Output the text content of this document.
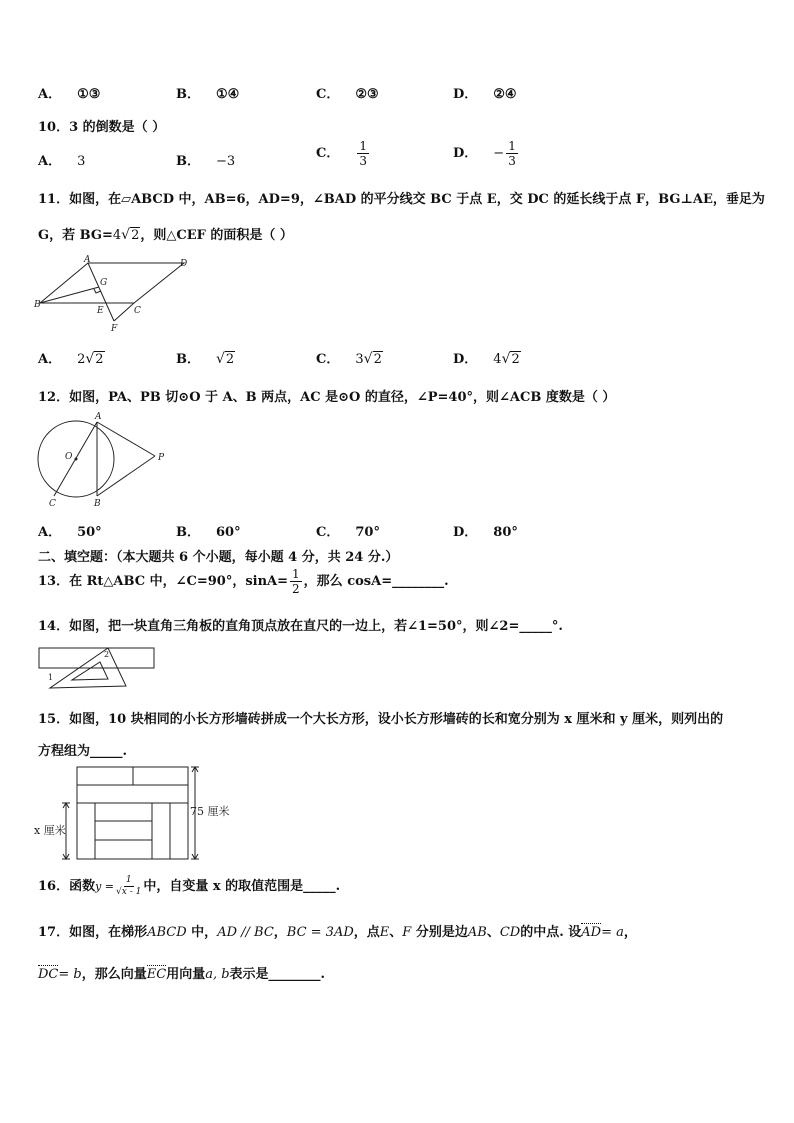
A． ①③	B． ①④	C． ②③	D． ②④
10．3 的倒数是（ ）
A． 3	B． −3
C． $\frac{1}{3}$	D． − $\frac{1}{3}$
11．如图，在▱ABCD 中，AB=6，AD=9，∠BAD 的平分线交 BC 于点 E，交 DC 的延长线于点 F，BG⊥AE，垂足为
G，若 BG=4√2，则△CEF 的面积是（ ）
A	D
B
C
E
F
G
A． 2√2	B． √2	C． 3√2	D． 4√2
12．如图，PA、PB 切⊙O 于 A、B 两点，AC 是⊙O 的直径，∠P=40°，则∠ACB 度数是（ ）
A
O	P
C	B
A． 50°	B． 60°	C． 70°	D． 80°
二、填空题：（本大题共 6 个小题，每小题 4 分，共 24 分.）
13．在 Rt△ABC 中，∠C=90°，$\sin A= \frac{1}{2}$ ，那么 cosA=________.
14．如图，把一块直角三角板的直角顶点放在直尺的一边上，若∠1=50°，则∠2=_____°.
1
2
15．如图，10 块相同的小长方形墙砖拼成一个大长方形，设小长方形墙砖的长和宽分别为 x 厘米和 y 厘米，则列出的
方程组为_____.
75 厘米
x 厘米
16．函数$y = \frac{1}{√x - 1}$ 中，自变量 x 的取值范围是_____.
17．如图，在梯形ABCD 中，AD // BC，BC = 3AD，点E、F 分别是边AB、CD的中点. 设AD= a，
DC= b，那么向量EC用向量a, b表示是________.
